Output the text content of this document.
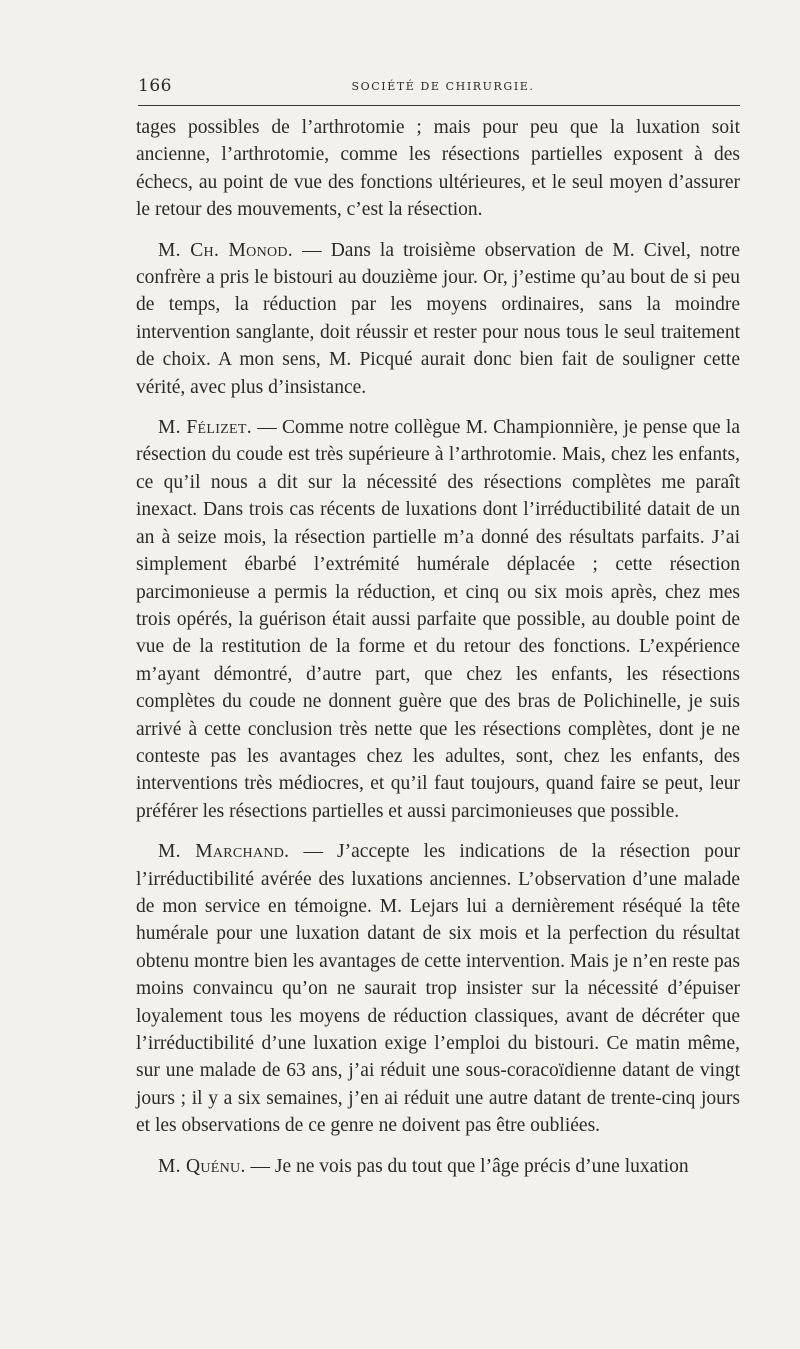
166	SOCIÉTÉ DE CHIRURGIE.

tages possibles de l’arthrotomie ; mais pour peu que la luxation soit ancienne, l’arthrotomie, comme les résections partielles exposent à des échecs, au point de vue des fonctions ultérieures, et le seul moyen d’assurer le retour des mouvements, c’est la résection.

M. Ch. Monod. — Dans la troisième observation de M. Civel, notre confrère a pris le bistouri au douzième jour. Or, j’estime qu’au bout de si peu de temps, la réduction par les moyens ordinaires, sans la moindre intervention sanglante, doit réussir et rester pour nous tous le seul traitement de choix. A mon sens, M. Picqué aurait donc bien fait de souligner cette vérité, avec plus d’insistance.

M. Félizet. — Comme notre collègue M. Championnière, je pense que la résection du coude est très supérieure à l’arthrotomie. Mais, chez les enfants, ce qu’il nous a dit sur la nécessité des résections complètes me paraît inexact. Dans trois cas récents de luxations dont l’irréductibilité datait de un an à seize mois, la résection partielle m’a donné des résultats parfaits. J’ai simplement ébarbé l’extrémité humérale déplacée ; cette résection parcimonieuse a permis la réduction, et cinq ou six mois après, chez mes trois opérés, la guérison était aussi parfaite que possible, au double point de vue de la restitution de la forme et du retour des fonctions. L’expérience m’ayant démontré, d’autre part, que chez les enfants, les résections complètes du coude ne donnent guère que des bras de Polichinelle, je suis arrivé à cette conclusion très nette que les résections complètes, dont je ne conteste pas les avantages chez les adultes, sont, chez les enfants, des interventions très médiocres, et qu’il faut toujours, quand faire se peut, leur préférer les résections partielles et aussi parcimonieuses que possible.

M. Marchand. — J’accepte les indications de la résection pour l’irréductibilité avérée des luxations anciennes. L’observation d’une malade de mon service en témoigne. M. Lejars lui a dernièrement réséqué la tête humérale pour une luxation datant de six mois et la perfection du résultat obtenu montre bien les avantages de cette intervention. Mais je n’en reste pas moins convaincu qu’on ne saurait trop insister sur la nécessité d’épuiser loyalement tous les moyens de réduction classiques, avant de décréter que l’irréductibilité d’une luxation exige l’emploi du bistouri. Ce matin même, sur une malade de 63 ans, j’ai réduit une sous-coracoïdienne datant de vingt jours ; il y a six semaines, j’en ai réduit une autre datant de trente-cinq jours et les observations de ce genre ne doivent pas être oubliées.

M. Quénu. — Je ne vois pas du tout que l’âge précis d’une luxation
